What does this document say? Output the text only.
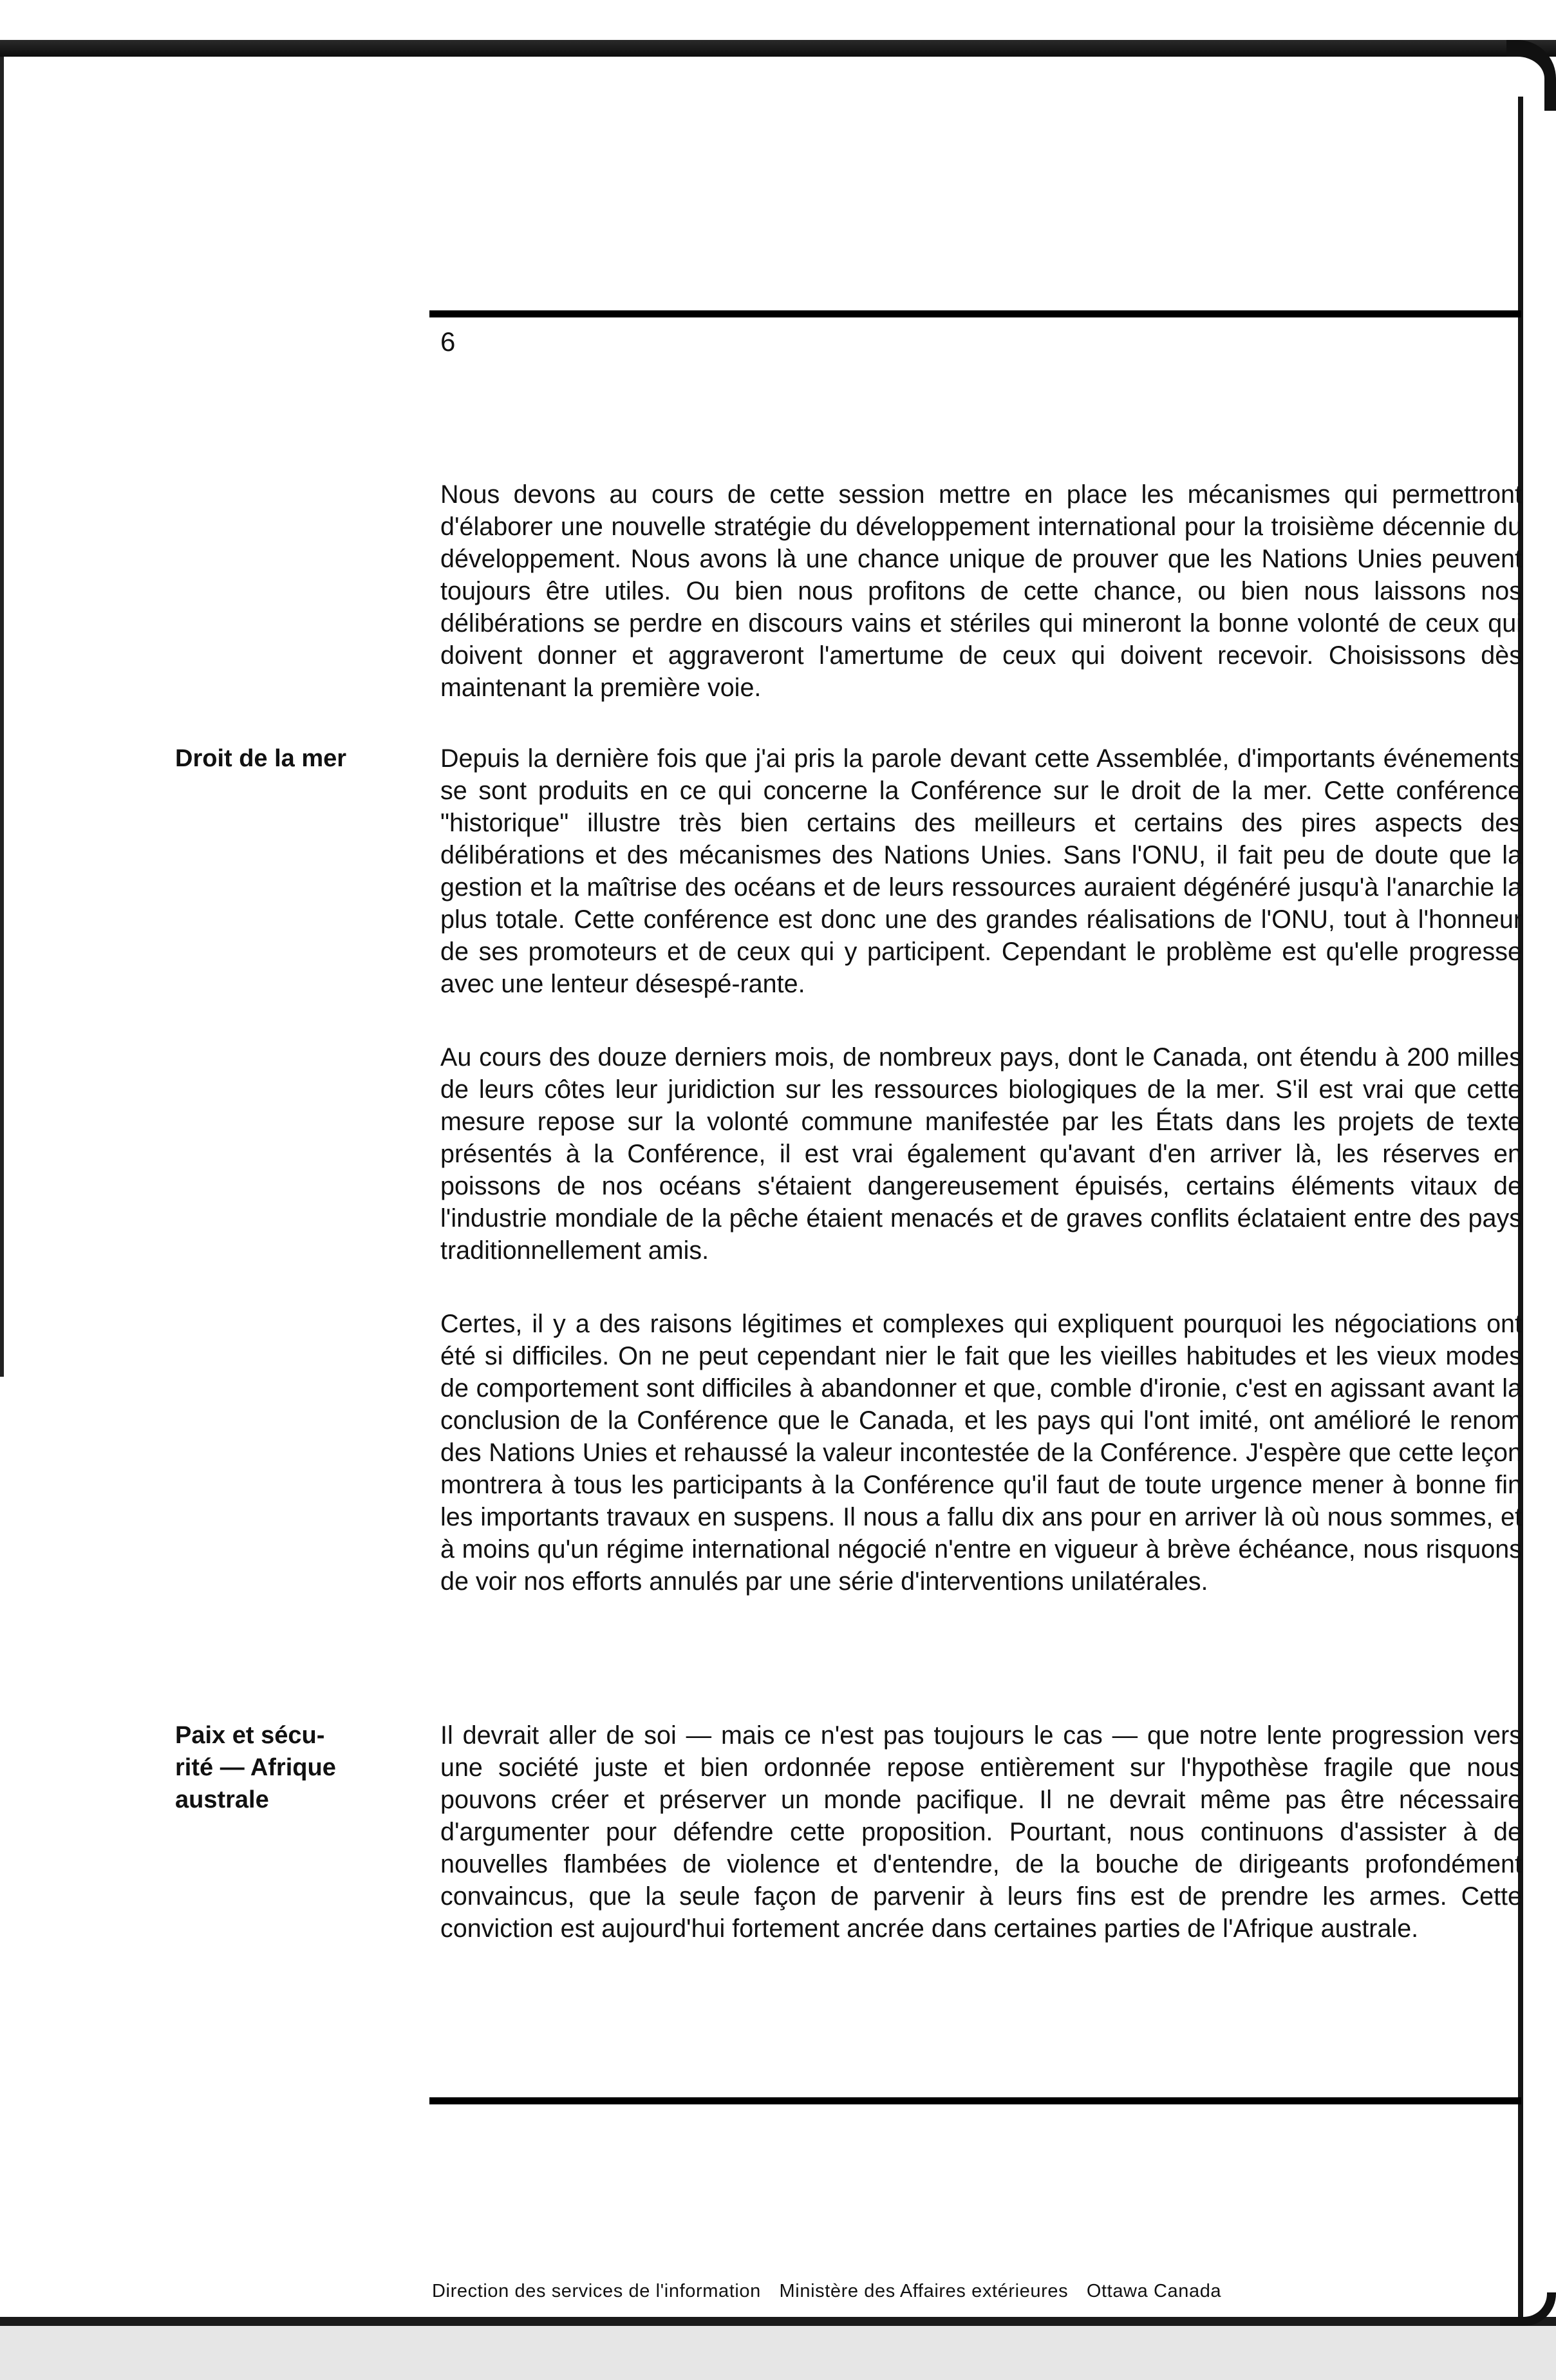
6
Droit de la mer
Paix et sécu-
rité — Afrique
australe

Nous devons au cours de cette session mettre en place les mécanismes qui permettront d'élaborer une nouvelle stratégie du développement international pour la troisième décennie du développement. Nous avons là une chance unique de prouver que les Nations Unies peuvent toujours être utiles. Ou bien nous profitons de cette chance, ou bien nous laissons nos délibérations se perdre en discours vains et stériles qui mineront la bonne volonté de ceux qui doivent donner et aggraveront l'amertume de ceux qui doivent recevoir. Choisissons dès maintenant la première voie.

Depuis la dernière fois que j'ai pris la parole devant cette Assemblée, d'importants événements se sont produits en ce qui concerne la Conférence sur le droit de la mer. Cette conférence "historique" illustre très bien certains des meilleurs et certains des pires aspects des délibérations et des mécanismes des Nations Unies. Sans l'ONU, il fait peu de doute que la gestion et la maîtrise des océans et de leurs ressources auraient dégénéré jusqu'à l'anarchie la plus totale. Cette conférence est donc une des grandes réalisations de l'ONU, tout à l'honneur de ses promoteurs et de ceux qui y participent. Cependant le problème est qu'elle progresse avec une lenteur désespé-rante.

Au cours des douze derniers mois, de nombreux pays, dont le Canada, ont étendu à 200 milles de leurs côtes leur juridiction sur les ressources biologiques de la mer. S'il est vrai que cette mesure repose sur la volonté commune manifestée par les États dans les projets de texte présentés à la Conférence, il est vrai également qu'avant d'en arriver là, les réserves en poissons de nos océans s'étaient dangereusement épuisés, certains éléments vitaux de l'industrie mondiale de la pêche étaient menacés et de graves conflits éclataient entre des pays traditionnellement amis.

Certes, il y a des raisons légitimes et complexes qui expliquent pourquoi les négociations ont été si difficiles. On ne peut cependant nier le fait que les vieilles habitudes et les vieux modes de comportement sont difficiles à abandonner et que, comble d'ironie, c'est en agissant avant la conclusion de la Conférence que le Canada, et les pays qui l'ont imité, ont amélioré le renom des Nations Unies et rehaussé la valeur incontestée de la Conférence. J'espère que cette leçon montrera à tous les participants à la Conférence qu'il faut de toute urgence mener à bonne fin les importants travaux en suspens. Il nous a fallu dix ans pour en arriver là où nous sommes, et à moins qu'un régime international négocié n'entre en vigueur à brève échéance, nous risquons de voir nos efforts annulés par une série d'interventions unilatérales.

Il devrait aller de soi — mais ce n'est pas toujours le cas — que notre lente progression vers une société juste et bien ordonnée repose entièrement sur l'hypothèse fragile que nous pouvons créer et préserver un monde pacifique. Il ne devrait même pas être nécessaire d'argumenter pour défendre cette proposition. Pourtant, nous continuons d'assister à de nouvelles flambées de violence et d'entendre, de la bouche de dirigeants profondément convaincus, que la seule façon de parvenir à leurs fins est de prendre les armes. Cette conviction est aujourd'hui fortement ancrée dans certaines parties de l'Afrique australe.

Direction des services de l'information Ministère des Affaires extérieures Ottawa Canada
